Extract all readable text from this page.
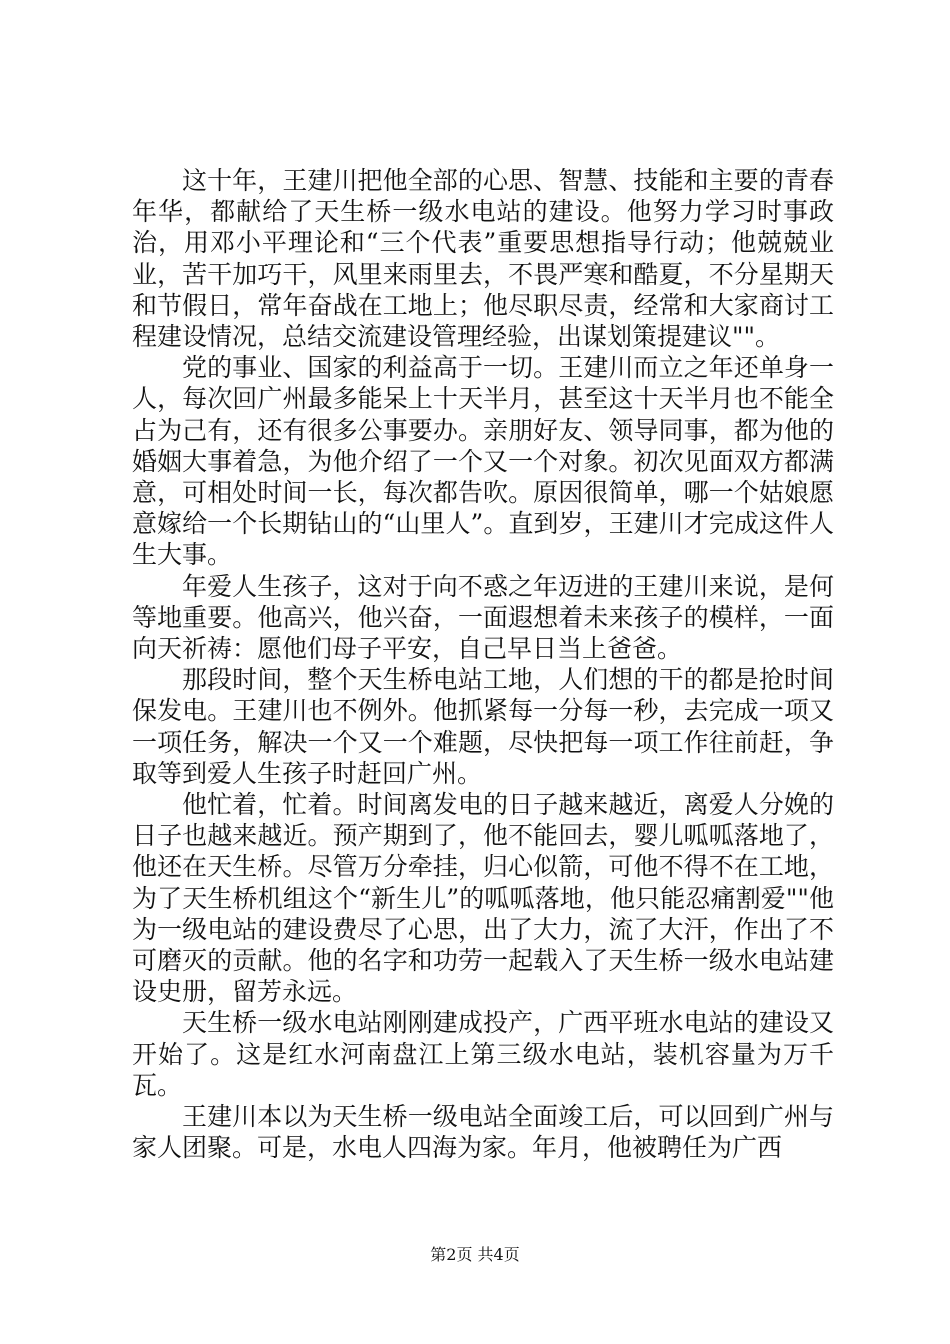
这十年，王建川把他全部的心思、智慧、技能和主要的青春年华，都献给了天生桥一级水电站的建设。他努力学习时事政治，用邓小平理论和“三个代表”重要思想指导行动；他兢兢业业，苦干加巧干，风里来雨里去，不畏严寒和酷夏，不分星期天和节假日，常年奋战在工地上；他尽职尽责，经常和大家商讨工程建设情况，总结交流建设管理经验，出谋划策提建议""。

党的事业、国家的利益高于一切。王建川而立之年还单身一人，每次回广州最多能呆上十天半月，甚至这十天半月也不能全占为己有，还有很多公事要办。亲朋好友、领导同事，都为他的婚姻大事着急，为他介绍了一个又一个对象。初次见面双方都满意，可相处时间一长，每次都告吹。原因很简单，哪一个姑娘愿意嫁给一个长期钻山的“山里人”。直到岁，王建川才完成这件人生大事。

年爱人生孩子，这对于向不惑之年迈进的王建川来说，是何等地重要。他高兴，他兴奋，一面遐想着未来孩子的模样，一面向天祈祷：愿他们母子平安，自己早日当上爸爸。

那段时间，整个天生桥电站工地，人们想的干的都是抢时间保发电。王建川也不例外。他抓紧每一分每一秒，去完成一项又一项任务，解决一个又一个难题，尽快把每一项工作往前赶，争取等到爱人生孩子时赶回广州。

他忙着，忙着。时间离发电的日子越来越近，离爱人分娩的日子也越来越近。预产期到了，他不能回去，婴儿呱呱落地了，他还在天生桥。尽管万分牵挂，归心似箭，可他不得不在工地，为了天生桥机组这个“新生儿”的呱呱落地，他只能忍痛割爱""他为一级电站的建设费尽了心思，出了大力，流了大汗，作出了不可磨灭的贡献。他的名字和功劳一起载入了天生桥一级水电站建设史册，留芳永远。

天生桥一级水电站刚刚建成投产，广西平班水电站的建设又开始了。这是红水河南盘江上第三级水电站，装机容量为万千瓦。

王建川本以为天生桥一级电站全面竣工后，可以回到广州与家人团聚。可是，水电人四海为家。年月，他被聘任为广西

第2页 共4页
